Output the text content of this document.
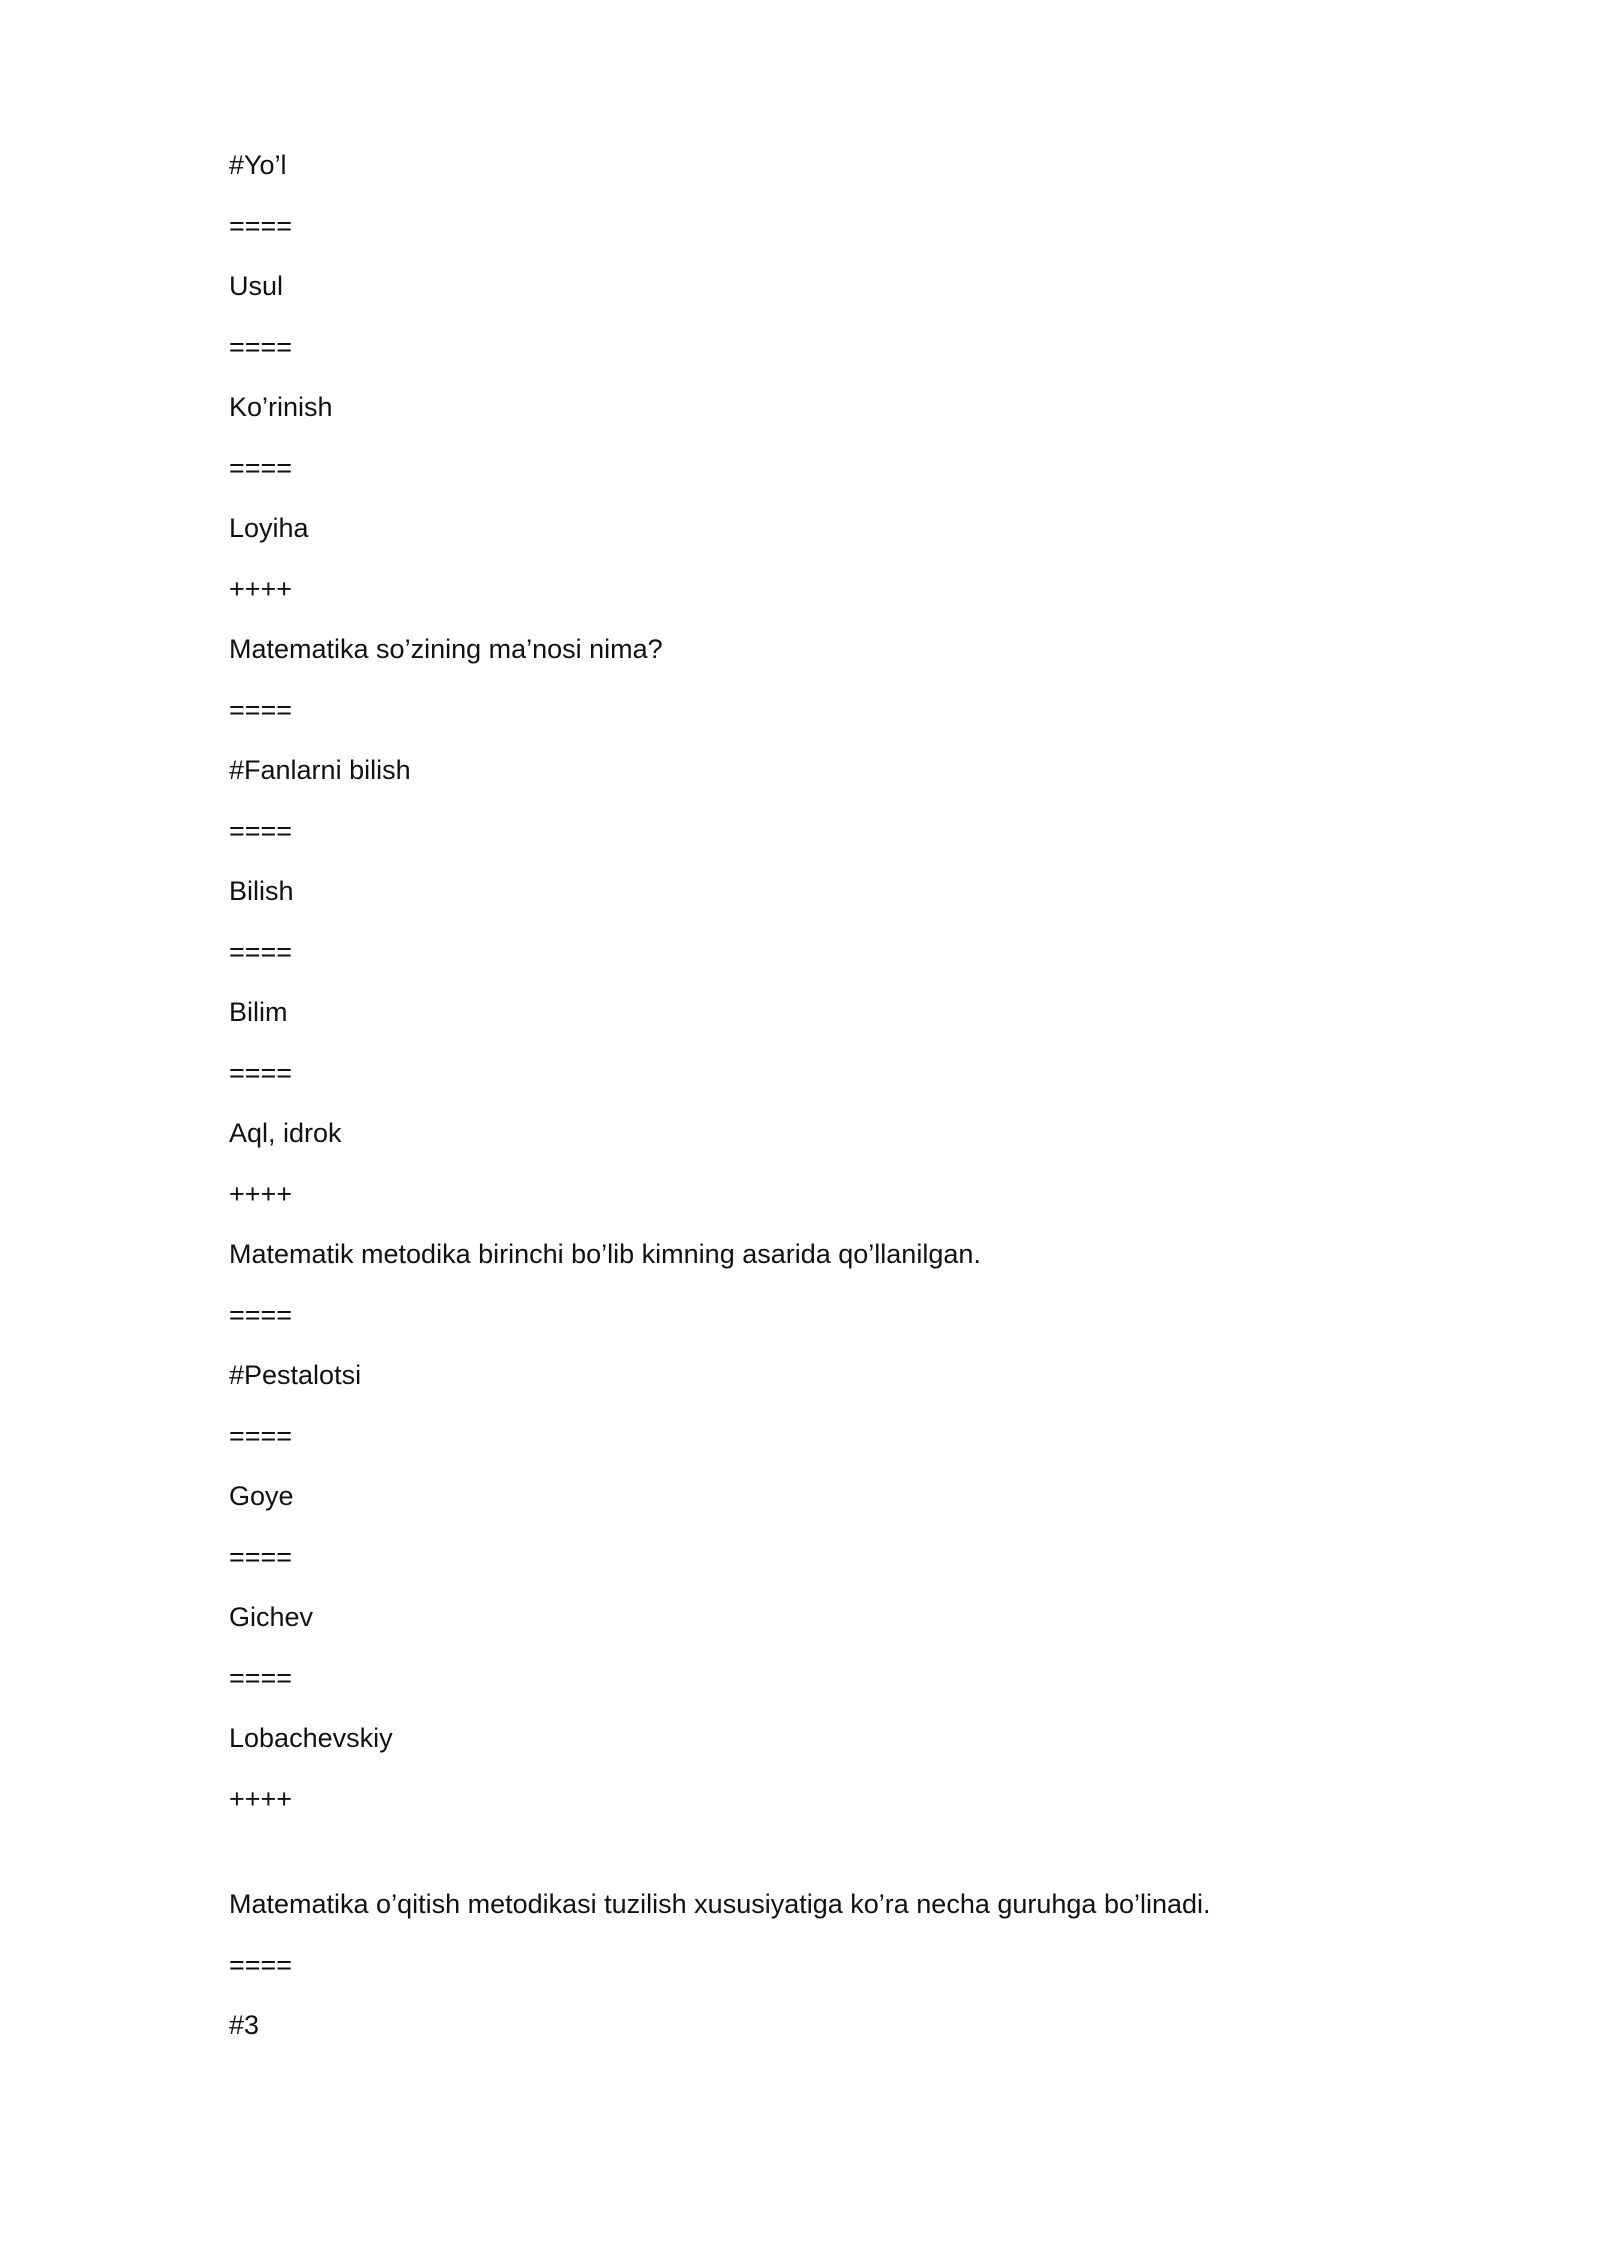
#Yo’l
====
Usul
====
Ko’rinish
====
Loyiha
++++
Matematika so’zining ma’nosi nima?
====
#Fanlarni bilish
====
Bilish
====
Bilim
====
Aql, idrok
++++
Matematik metodika birinchi bo’lib kimning asarida qo’llanilgan.
====
#Pestalotsi
====
Goye
====
Gichev
====
Lobachevskiy
++++
Matematika o’qitish metodikasi tuzilish xususiyatiga ko’ra necha guruhga bo’linadi.
====
#3
